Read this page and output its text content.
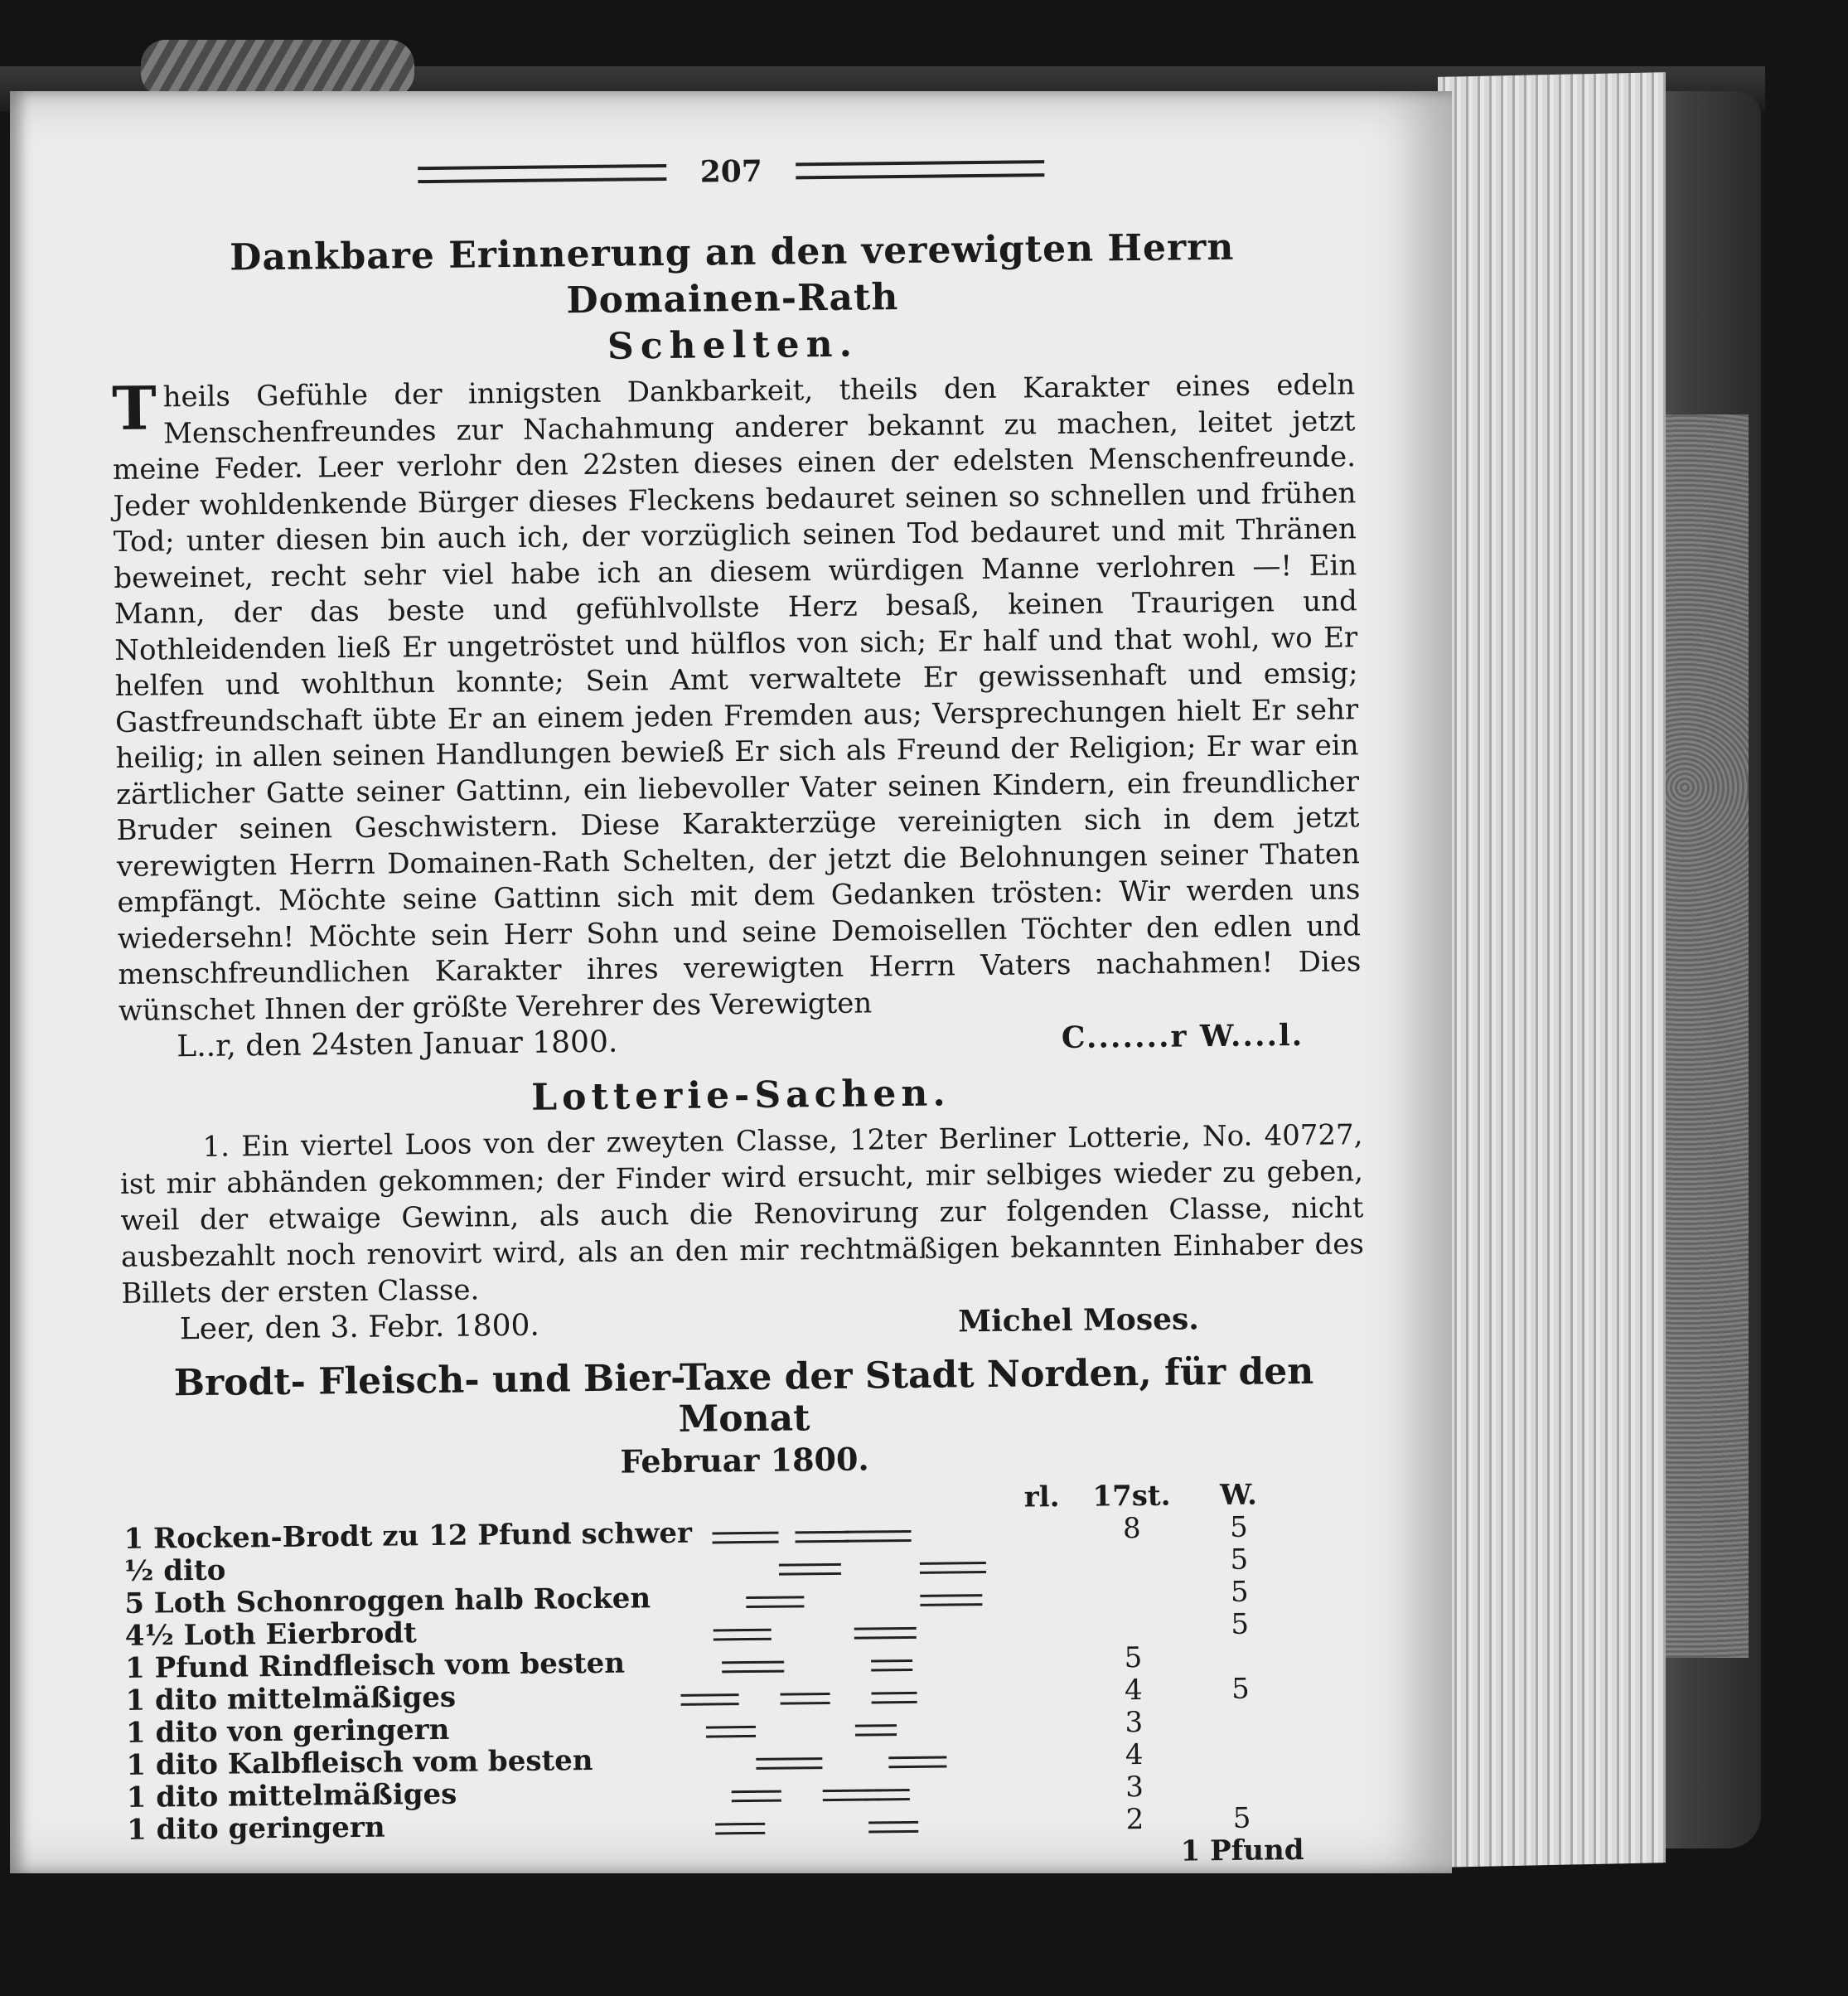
207
Dankbare Erinnerung an den verewigten Herrn Domainen-Rath
Schelten.
Theils Gefühle der innigsten Dankbarkeit, theils den Karakter eines edeln Menschenfreundes zur Nachahmung anderer bekannt zu machen, leitet jetzt meine Feder. Leer verlohr den 22sten dieses einen der edelsten Menschenfreunde. Jeder wohldenkende Bürger dieses Fleckens bedauret seinen so schnellen und frühen Tod; unter diesen bin auch ich, der vorzüglich seinen Tod bedauret und mit Thränen beweinet, recht sehr viel habe ich an diesem würdigen Manne verlohren —! Ein Mann, der das beste und gefühlvollste Herz besaß, keinen Traurigen und Nothleidenden ließ Er ungetröstet und hülflos von sich; Er half und that wohl, wo Er helfen und wohlthun konnte; Sein Amt verwaltete Er gewissenhaft und emsig; Gastfreundschaft übte Er an einem jeden Fremden aus; Versprechungen hielt Er sehr heilig; in allen seinen Handlungen bewieß Er sich als Freund der Religion; Er war ein zärtlicher Gatte seiner Gattinn, ein liebevoller Vater seinen Kindern, ein freundlicher Bruder seinen Geschwistern. Diese Karakterzüge vereinigten sich in dem jetzt verewigten Herrn Domainen-Rath Schelten, der jetzt die Belohnungen seiner Thaten empfängt. Möchte seine Gattinn sich mit dem Gedanken trösten: Wir werden uns wiedersehn! Möchte sein Herr Sohn und seine Demoisellen Töchter den edlen und menschfreundlichen Karakter ihres verewigten Herrn Vaters nachahmen! Dies wünschet Ihnen der größte Verehrer des Verewigten
L..r, den 24sten Januar 1800.	C.......r W....l.
Lotterie-Sachen.
1. Ein viertel Loos von der zweyten Classe, 12ter Berliner Lotterie, No. 40727, ist mir abhänden gekommen; der Finder wird ersucht, mir selbiges wieder zu geben, weil der etwaige Gewinn, als auch die Renovirung zur folgenden Classe, nicht ausbezahlt noch renovirt wird, als an den mir rechtmäßigen bekannten Einhaber des Billets der ersten Classe.
Leer, den 3. Febr. 1800.	Michel Moses.
Brodt- Fleisch- und Bier-Taxe der Stadt Norden, für den Monat
Februar 1800.
		rl.	17st.	W.
1 Rocken-Brodt zu 12 Pfund schwer			8	5
½ dito				5
5 Loth Schonroggen halb Rocken				5
4½ Loth Eierbrodt				5
1 Pfund Rindfleisch vom besten			5	
1 dito mittelmäßiges			4	5
1 dito von geringern			3	
1 dito Kalbfleisch vom besten			4	
1 dito mittelmäßiges			3	
1 dito geringern			2	5
				1 Pfund
